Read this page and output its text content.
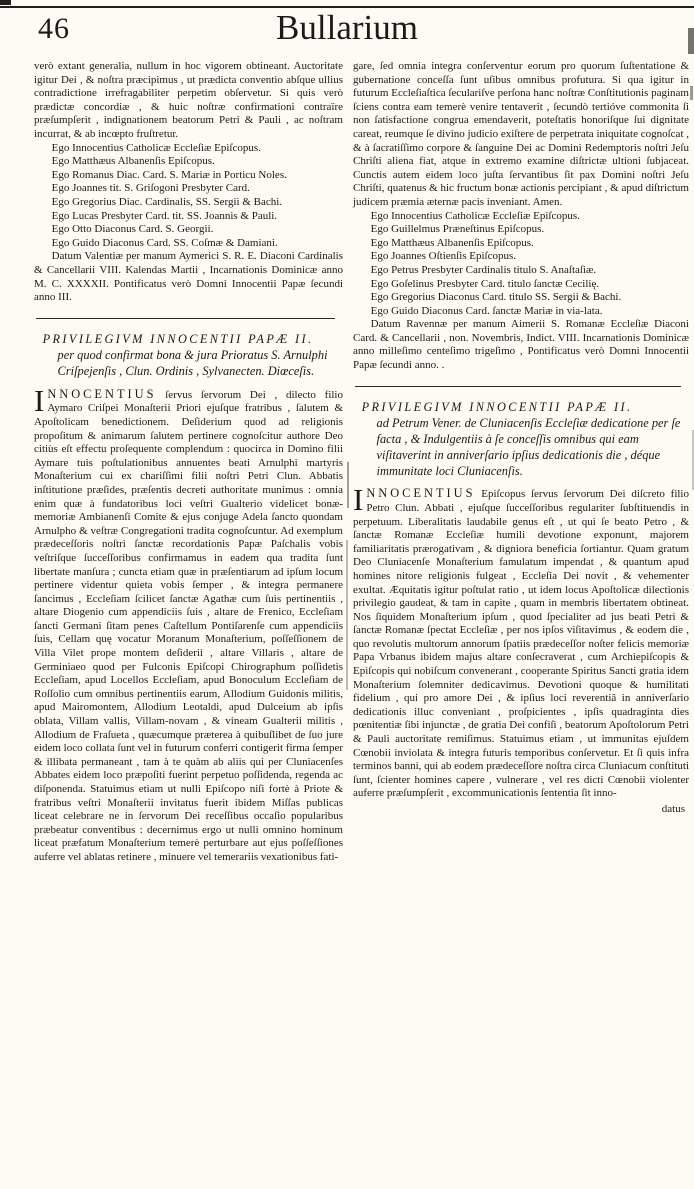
46	Bullarium

verò extant generalia, nullum in hoc vigorem obtineant. Auctoritate igitur Dei , & noſtra præcipimus , ut prædicta conventio abſque ullius contradictione irrefragabiliter perpetim obſervetur. Si quis verò prædictæ concordiæ , & huic noſtræ confirmationi contraïre præſumpſerit , indignationem beatorum Petri & Pauli , ac noſtram incurrat, & ab incœpto fruſtretur.

Ego Innocentius Catholicæ Eccleſiæ Epiſcopus.

Ego Matthæus Albanenſis Epiſcopus.

Ego Romanus Diac. Card. S. Mariæ in Porticu Noles.

Ego Joannes tit. S. Griſogoni Presbyter Card.

Ego Gregorius Diac. Cardinalis, SS. Sergii & Bachi.

Ego Lucas Presbyter Card. tit. SS. Joannis & Pauli.

Ego Otto Diaconus Card. S. Georgii.

Ego Guido Diaconus Card. SS. Coſmæ & Damiani.

Datum Valentiæ per manum Aymerici S. R. E. Diaconi Cardinalis & Cancellarii VIII. Kalendas Martii , Incarnationis Dominicæ anno M. C. XXXXII. Pontificatus verò Domni Innocentii Papæ ſecundi anno III.

PRIVILEGIVM INNOCENTII PAPÆ II.

per quod confirmat bona & jura Prioratus S. Arnulphi Criſpejenſis , Clun. Ordinis , Sylvanecten. Diœceſis.

INNOCENTIUS ſervus ſervorum Dei , dilecto filio Aymaro Criſpei Monaſterii Priori ejuſque fratribus , ſalutem & Apoſtolicam benedictionem. Deſiderium quod ad religionis propoſitum & animarum ſalutem pertinere cognoſcitur authore Deo citiùs eſt effectu proſequente complendum : quocirca in Domino filii Aymare tuis poſtulationibus annuentes beati Arnulphi martyris Monaſterium cui ex chariſſimi filii noſtri Petri Clun. Abbatis inſtitutione præſides, præſentis decreti authoritate munimus : omnia enim quæ à fundatoribus loci veſtri Gualterio videlicet bonæ-memoriæ Ambianenſi Comite & ejus conjuge Adela ſancto quondam Arnulpho & veſtræ Congregationi tradita cognoſcuntur. Ad exemplum prædeceſſoris noſtri ſanctæ recordationis Papæ Paſchalis vobis veſtriſque ſucceſſoribus confirmamus in eadem qua tradita ſunt libertate manſura ; cuncta etiam quæ in præſentiarum ad ipſum locum pertinere videntur quieta vobis ſemper , & integra permanere ſancimus , Eccleſiam ſcilicet ſanctæ Agathæ cum ſuis pertinentiis , altare Diogenio cum appendiciis ſuis , altare de Frenico, Eccleſiam ſancti Germani ſitam penes Caſtellum Pontiſarenſe cum appendiciis ſuis, Cellam quę vocatur Moranum Monaſterium, poſſeſſionem de Villa Vilet prope montem deſiderii , altare Villaris , altare de Germiniaeo quod per Fulconis Epiſcopi Chirographum poſſidetis Eccleſiam, apud Locellos Eccleſiam, apud Bonoculum Eccleſiam de Roſſolio cum omnibus pertinentiis earum, Allodium Guidonis militis, apud Mairomontem, Allodium Leotaldi, apud Dulceium ab ipſis oblata, Villam vallis, Villam-novam , & vineam Gualterii militis , Allodium de Fraſueta , quæcumque præterea à quibuſlibet de ſuo jure eidem loco collata ſunt vel in futurum conferri contigerit firma ſemper & illibata permaneant , tam à te quàm ab aliis qui per Cluniacenſes Abbates eidem loco præpoſiti fuerint perpetuo poſſidenda, regenda ac diſponenda. Statuimus etiam ut nulli Epiſcopo niſi fortè à Priote & fratribus veſtri Monaſterii invitatus fuerit ibidem Miſſas publicas liceat celebrare ne in ſervorum Dei receſſibus occaſio popularibus præbeatur conventibus : decernimus ergo ut nulli omnino hominum liceat præfatum Monaſterium temerè perturbare aut ejus poſſeſſiones auferre vel ablatas retinere , minuere vel temerariis vexationibus fati-

gare, ſed omnia integra conſerventur eorum pro quorum ſuſtentatione & gubernatione conceſſa ſunt uſibus omnibus profutura. Si qua igitur in futurum Eccleſiaſtica ſeculariſve perſona hanc noſtræ Conſtitutionis paginam ſciens contra eam temerè venire tentaverit , ſecundò tertióve commonita ſi non ſatisfactione congrua emendaverit, poteſtatis honoriſque ſui dignitate careat, reumque ſe divino judicio exiſtere de perpetrata iniquitate cognoſcat , & à ſacratiſſimo corpore & ſanguine Dei ac Domini Redemptoris noſtri Jeſu Chriſti aliena fiat, atque in extremo examine diſtrictæ ultioni ſubjaceat. Cunctis autem eidem loco juſta ſervantibus ſit pax Domini noſtri Jeſu Chriſti, quatenus & hic fructum bonæ actionis percipiant , & apud diſtrictum judicem præmia æternæ pacis inveniant. Amen.

Ego Innocentius Catholicæ Eccleſiæ Epiſcopus.

Ego Guillelmus Præneſtinus Epiſcopus.

Ego Matthæus Albanenſis Epiſcopus.

Ego Joannes Oſtienſis Epiſcopus.

Ego Petrus Presbyter Cardinalis titulo S. Anaſtaſiæ.

Ego Goſelinus Presbyter Card. titulo ſanctæ Cecilię.

Ego Gregorius Diaconus Card. titulo SS. Sergii & Bachi.

Ego Guido Diaconus Card. ſanctæ Mariæ in via-lata.

Datum Ravennæ per manum Aimerii S. Romanæ Eccleſiæ Diaconi Card. & Cancellarii , non. Novembris, Indict. VIII. Incarnationis Dominicæ anno milleſimo centeſimo trigeſimo , Pontificatus verò Domni Innocentii Papæ ſecundi anno. .

PRIVILEGIVM INNOCENTII PAPÆ II.

ad Petrum Vener. de Cluniacenſis Eccleſiæ dedicatione per ſe facta , & Indulgentiis à ſe conceſſis omnibus qui eam viſitaverint in anniverſario ipſius dedicationis die , déque immunitate loci Cluniacenſis.

INNOCENTIUS Epiſcopus ſervus ſervorum Dei diſcreto filio Petro Clun. Abbati , ejuſque ſucceſſoribus regulariter ſubſtituendis in perpetuum. Liberalitatis laudabile genus eſt , ut qui ſe beato Petro , & ſanctæ Romanæ Eccleſiæ humili devotione exponunt, majorem familiaritatis prærogativam , & digniora beneficia ſortiantur. Quam gratum Deo Cluniacenſe Monaſterium famulatum impendat , & quantum apud homines nitore religionis fulgeat , Eccleſia Dei novit , & vehementer exultat. Æquitatis igitur poſtulat ratio , ut idem locus Apoſtolicæ dilectionis privilegio gaudeat, & tam in capite , quam in membris libertatem obtineat. Nos ſiquidem Monaſterium ipſum , quod ſpecialiter ad jus beati Petri & ſanctæ Romanæ ſpectat Eccleſiæ , per nos ipſos viſitavimus , & eodem die , quo revolutis multorum annorum ſpatiis prædeceſſor noſter felicis memoriæ Papa Vrbanus ibidem majus altare conſecraverat , cum Archiepiſcopis & Epiſcopis qui nobiſcum convenerant , cooperante Spiritus Sancti gratia idem Monaſterium ſolemniter dedicavimus. Devotioni quoque & humilitati fidelium , qui pro amore Dei , & ipſius loci reverentiâ in anniverſario dedicationis illuc conveniant , proſpicientes , ipſis quadraginta dies pœnitentiæ ſibi injunctæ , de gratia Dei confiſi , beatorum Apoſtolorum Petri & Pauli auctoritate remiſimus. Statuimus etiam , ut immunitas ejuſdem Cœnobii inviolata & integra futuris temporibus conſervetur. Et ſi quis infra terminos banni, qui ab eodem prædeceſſore noſtra circa Cluniacum conſtituti ſunt, ſcienter homines capere , vulnerare , vel res dicti Cœnobii violenter auferre præſumpſerit , excommunicationis ſententia ſit inno-

datus
